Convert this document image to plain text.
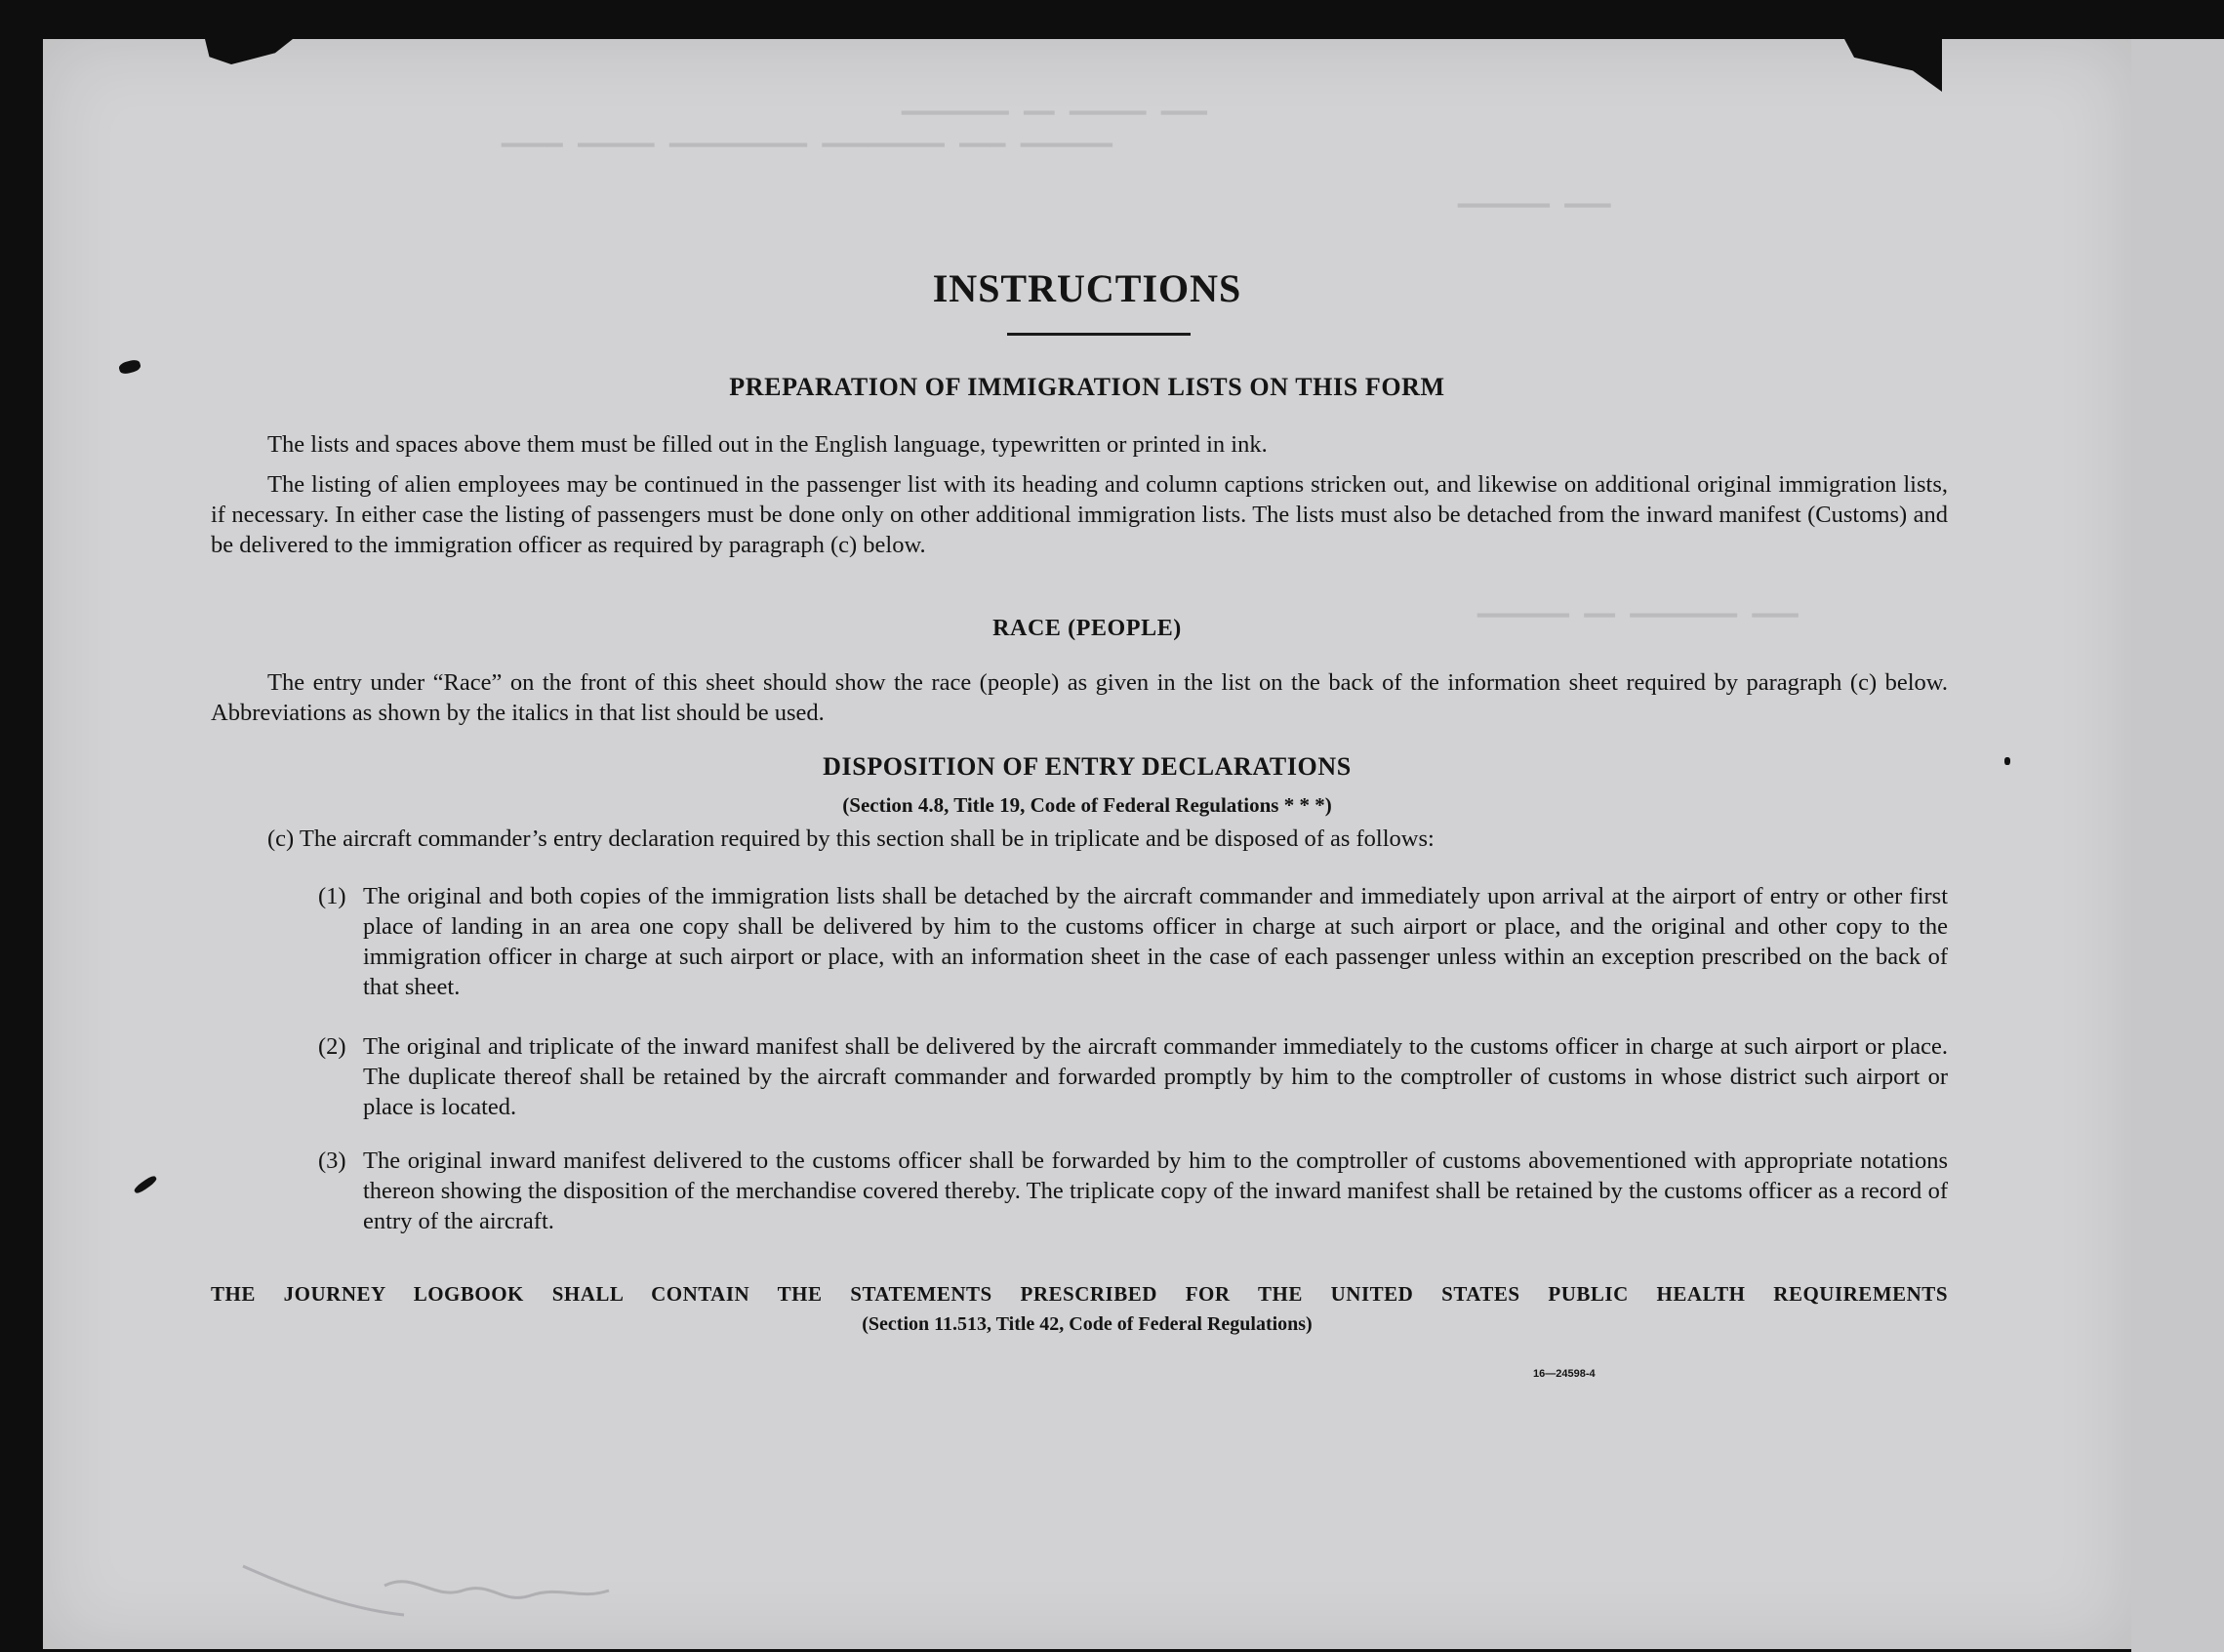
▔▔▔ ▔▔▔▔▔ ▔▔ ▔▔▔▔▔▔▔
▔▔▔▔▔▔ ▔▔▔ ▔▔▔▔▔▔▔▔ ▔▔▔▔▔▔▔▔▔ ▔▔▔▔▔ ▔▔▔▔
▔▔▔ ▔▔▔▔▔▔
▔▔▔ ▔▔▔▔▔▔▔ ▔▔ ▔▔▔▔▔▔
INSTRUCTIONS
PREPARATION OF IMMIGRATION LISTS ON THIS FORM

The lists and spaces above them must be filled out in the English language, typewritten or printed in ink.

The listing of alien employees may be continued in the passenger list with its heading and column captions stricken out, and likewise on additional original immigration lists, if necessary. In either case the listing of passengers must be done only on other additional immigration lists. The lists must also be detached from the inward manifest (Customs) and be delivered to the immigration officer as required by paragraph (c) below.

RACE (PEOPLE)

The entry under “Race” on the front of this sheet should show the race (people) as given in the list on the back of the information sheet required by paragraph (c) below. Abbreviations as shown by the italics in that list should be used.

DISPOSITION OF ENTRY DECLARATIONS
(Section 4.8, Title 19, Code of Federal Regulations * * *)

(c) The aircraft commander’s entry declaration required by this section shall be in triplicate and be disposed of as follows:

(1) The original and both copies of the immigration lists shall be detached by the aircraft commander and immediately upon arrival at the airport of entry or other first place of landing in an area one copy shall be delivered by him to the customs officer in charge at such airport or place, and the original and other copy to the immigration officer in charge at such airport or place, with an information sheet in the case of each passenger unless within an exception prescribed on the back of that sheet.
(2) The original and triplicate of the inward manifest shall be delivered by the aircraft commander immediately to the customs officer in charge at such airport or place. The duplicate thereof shall be retained by the aircraft commander and forwarded promptly by him to the comptroller of customs in whose district such airport or place is located.
(3) The original inward manifest delivered to the customs officer shall be forwarded by him to the comptroller of customs abovementioned with appropriate notations thereon showing the disposition of the merchandise covered thereby. The triplicate copy of the inward manifest shall be retained by the customs officer as a record of entry of the aircraft.

THE JOURNEY LOGBOOK SHALL CONTAIN THE STATEMENTS PRESCRIBED FOR THE UNITED STATES PUBLIC HEALTH REQUIREMENTS

(Section 11.513, Title 42, Code of Federal Regulations)

16—24598-4
